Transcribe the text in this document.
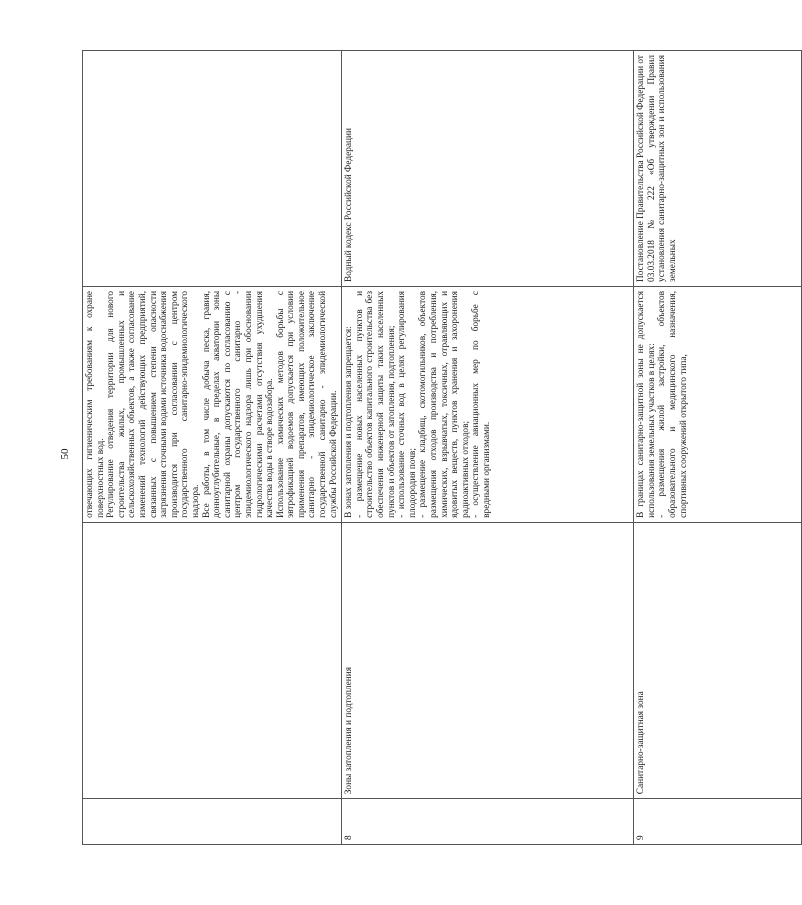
50

		отвечающих гигиеническим требованиям к охране поверхностных вод. Регулирование отведения территории для нового строительства жилых, промышленных и сельскохозяйственных объектов, а также согласование изменений технологий действующих предприятий, связанных с повышением степени опасности загрязнения сточными водами источника водоснабжения производится при согласовании с центром государственного санитарно-эпидемиологического надзора. Все работы, в том числе добыча песка, гравия, донноуглубительные, в пределах акватории зоны санитарной охраны допускаются по согласованию с центром государственного санитарно - эпидемиологического надзора лишь при обосновании гидрологическими расчетами отсутствия ухудшения качества воды в створе водозабора. Использование химических методов борьбы с эвтрофикацией водоемов допускается при условии применения препаратов, имеющих положительное санитарно - эпидемиологическое заключение государственной санитарно - эпидемиологической службы Российской Федерации.	

8	Зоны затопления и подтопления	В зонах затопления и подтопления запрещается: - размещение новых населенных пунктов и строительство объектов капитального строительства без обеспечения инженерной защиты таких населенных пунктов и объектов от затопления, подтопления; - использование сточных вод в целях регулирования плодородия почв; - размещение кладбищ, скотомогильников, объектов размещения отходов производства и потребления, химических, взрывчатых, токсичных, отравляющих и ядовитых веществ, пунктов хранения и захоронения радиоактивных отходов; - осуществление авиационных мер по борьбе с вредными организмами.	Водный кодекс Российской Федерации

9	Санитарно-защитная зона	В границах санитарно-защитной зоны не допускается использования земельных участков в целях: - размещения жилой застройки, объектов образовательного и медицинского назначения, спортивных сооружений открытого типа,	Постановление Правительства Российской Федерации от 03.03.2018 № 222 «Об утверждении Правил установления санитарно-защитных зон и использования земельных
